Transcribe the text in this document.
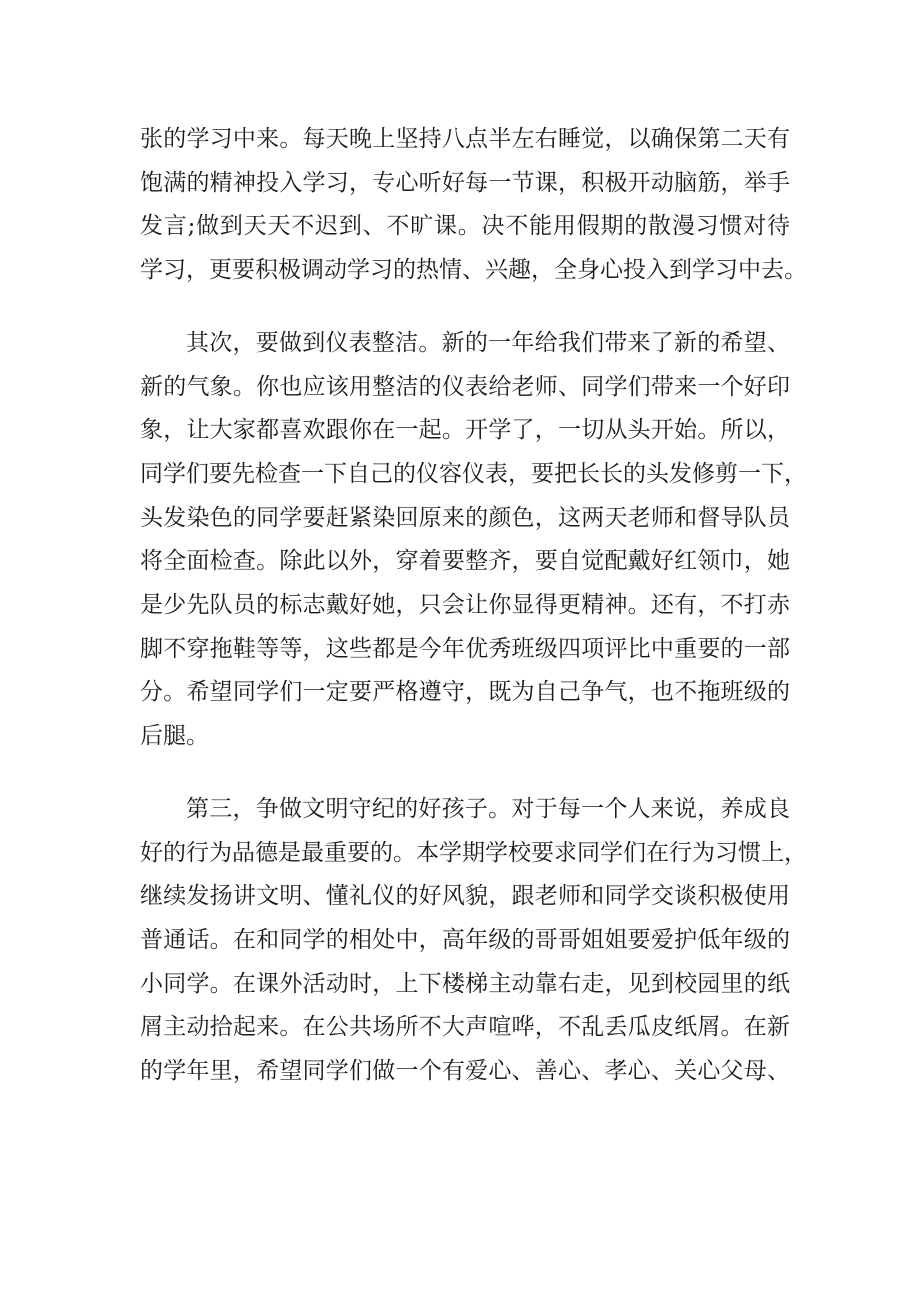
张的学习中来。每天晚上坚持八点半左右睡觉，以确保第二天有
饱满的精神投入学习，专心听好每一节课，积极开动脑筋，举手
发言;做到天天不迟到、不旷课。决不能用假期的散漫习惯对待
学习，更要积极调动学习的热情、兴趣，全身心投入到学习中去。

其次，要做到仪表整洁。新的一年给我们带来了新的希望、
新的气象。你也应该用整洁的仪表给老师、同学们带来一个好印
象，让大家都喜欢跟你在一起。开学了，一切从头开始。所以，
同学们要先检查一下自己的仪容仪表，要把长长的头发修剪一下，
头发染色的同学要赶紧染回原来的颜色，这两天老师和督导队员
将全面检查。除此以外，穿着要整齐，要自觉配戴好红领巾，她
是少先队员的标志戴好她，只会让你显得更精神。还有，不打赤
脚不穿拖鞋等等，这些都是今年优秀班级四项评比中重要的一部
分。希望同学们一定要严格遵守，既为自己争气，也不拖班级的
后腿。

第三，争做文明守纪的好孩子。对于每一个人来说，养成良
好的行为品德是最重要的。本学期学校要求同学们在行为习惯上，
继续发扬讲文明、懂礼仪的好风貌，跟老师和同学交谈积极使用
普通话。在和同学的相处中，高年级的哥哥姐姐要爱护低年级的
小同学。在课外活动时，上下楼梯主动靠右走，见到校园里的纸
屑主动拾起来。在公共场所不大声喧哗，不乱丢瓜皮纸屑。在新
的学年里，希望同学们做一个有爱心、善心、孝心、关心父母、
